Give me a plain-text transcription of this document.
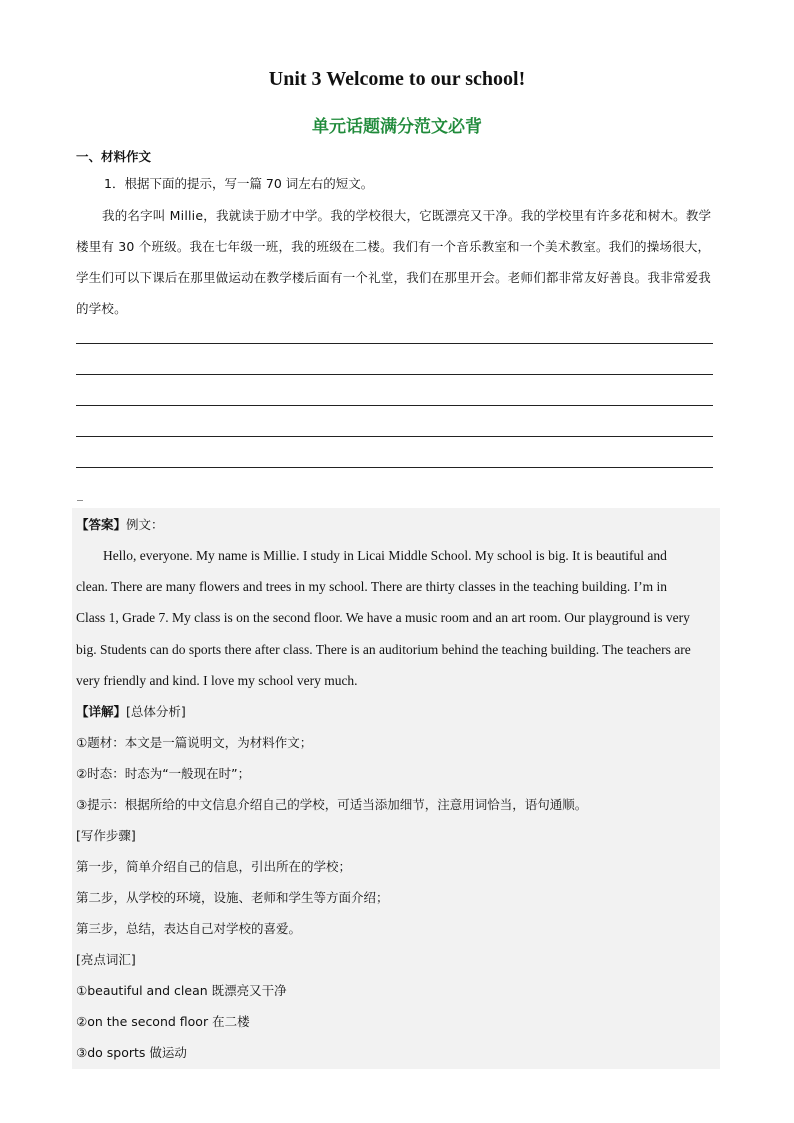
Unit 3 Welcome to our school!
单元话题满分范文必背
一、材料作文
1．根据下面的提示，写一篇 70 词左右的短文。
我的名字叫 Millie，我就读于励才中学。我的学校很大，它既漂亮又干净。我的学校里有许多花和树木。教学楼里有 30 个班级。我在七年级一班，我的班级在二楼。我们有一个音乐教室和一个美术教室。我们的操场很大，学生们可以下课后在那里做运动在教学楼后面有一个礼堂，我们在那里开会。老师们都非常友好善良。我非常爱我的学校。
_
【答案】例文：
Hello, everyone. My name is Millie. I study in Licai Middle School. My school is big. It is beautiful and
clean. There are many flowers and trees in my school. There are thirty classes in the teaching building. I’m in
Class 1, Grade 7. My class is on the second floor. We have a music room and an art room. Our playground is very
big. Students can do sports there after class. There is an auditorium behind the teaching building. The teachers are
very friendly and kind. I love my school very much.
【详解】[总体分析]
①题材：本文是一篇说明文，为材料作文；
②时态：时态为“一般现在时”；
③提示：根据所给的中文信息介绍自己的学校，可适当添加细节，注意用词恰当，语句通顺。
[写作步骤]
第一步，简单介绍自己的信息，引出所在的学校；
第二步，从学校的环境，设施、老师和学生等方面介绍；
第三步，总结，表达自己对学校的喜爱。
[亮点词汇]
①beautiful and clean 既漂亮又干净
②on the second floor 在二楼
③do sports 做运动
